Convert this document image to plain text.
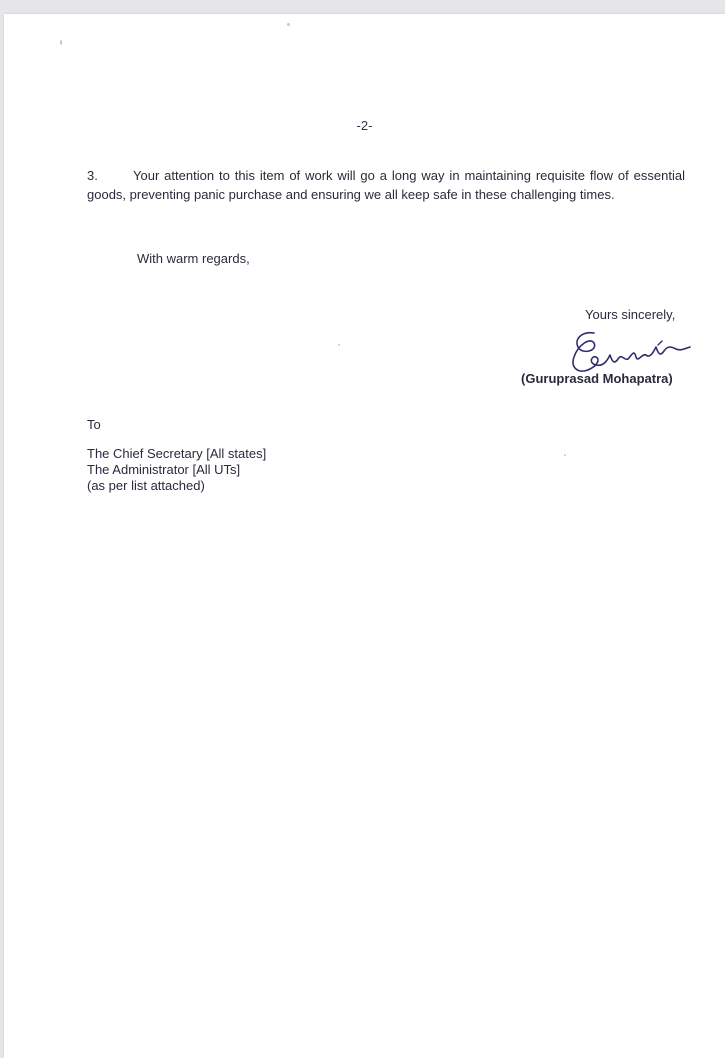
-2-
3.	Your attention to this item of work will go a long way in maintaining requisite flow of essential goods, preventing panic purchase and ensuring we all keep safe in these challenging times.
With warm regards,
Yours sincerely,
(Guruprasad Mohapatra)
To
The Chief Secretary [All states]
The Administrator [All UTs]
(as per list attached)
